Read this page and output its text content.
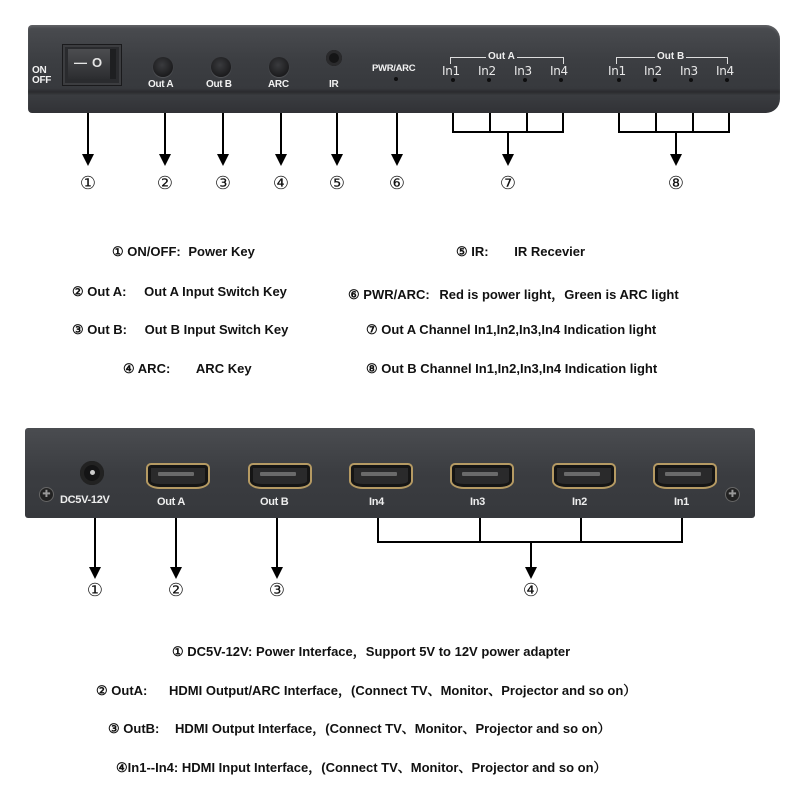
ON
OFF
— O
Out A	Out B	ARC	IR
PWR/ARC
Out A
In1 In2 In3 In4
Out B
In1 In2 In3 In4
①	② ③ ④ ⑤ ⑥	⑦	⑧
① ON/OFF: Power Key
② Out A: Out A Input Switch Key
③ Out B: Out B Input Switch Key
④ ARC: ARC Key
⑤ IR: IR Recevier
⑥ PWR/ARC: Red is power light，Green is ARC light
⑦ Out A Channel In1,In2,In3,In4 Indication light
⑧ Out B Channel In1,In2,In3,In4 Indication light
✚	✚
DC5V-12V	Out A	Out B	In4	In3	In2	In1
①	②	③	④
① DC5V-12V: Power Interface，Support 5V to 12V power adapter
② OutA: HDMI Output/ARC Interface，(Connect TV、Monitor、Projector and so on）
③ OutB: HDMI Output Interface，(Connect TV、Monitor、Projector and so on）
④In1--In4: HDMI Input Interface，(Connect TV、Monitor、Projector and so on）
